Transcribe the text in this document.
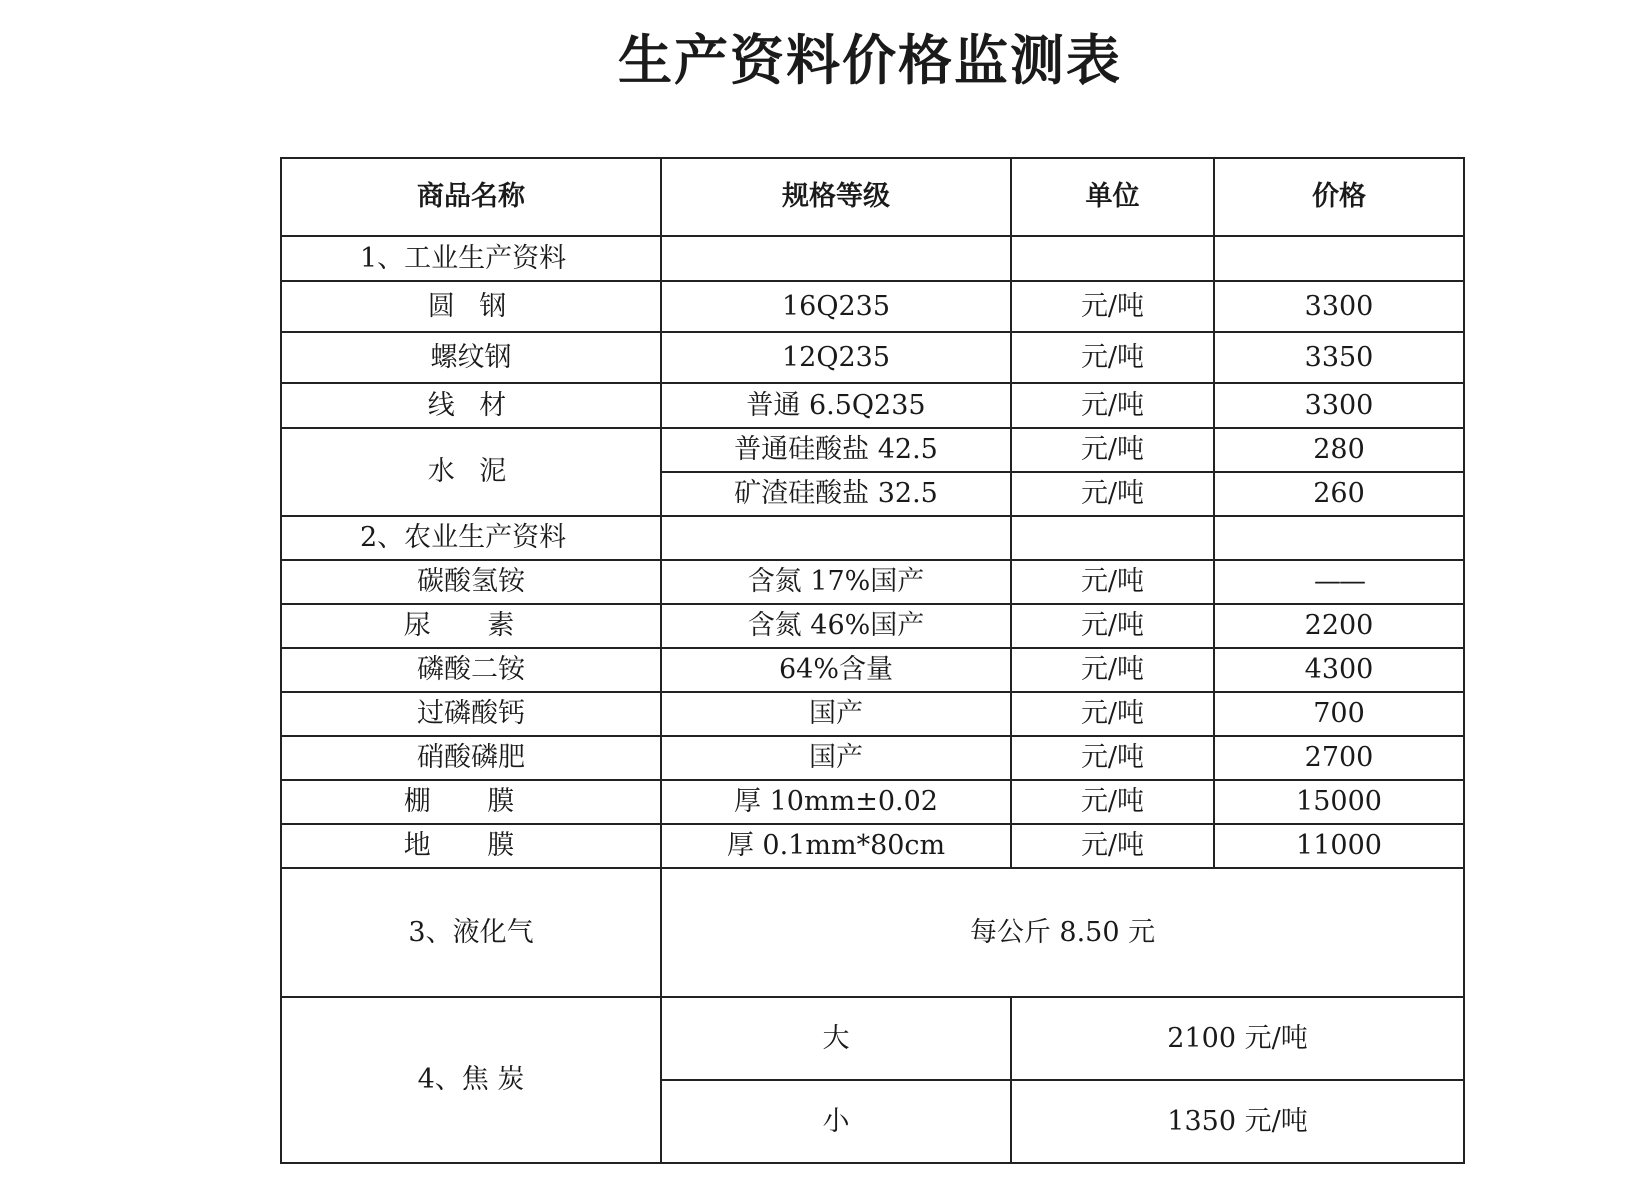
生产资料价格监测表
商品名称	规格等级	单位	价格
1、工业生产资料			
圆 钢	16Q235	元/吨	3300
螺纹钢	12Q235	元/吨	3350
线 材	普通 6.5Q235	元/吨	3300
水 泥	普通硅酸盐 42.5	元/吨	280
	矿渣硅酸盐 32.5	元/吨	260
2、农业生产资料			
碳酸氢铵	含氮 17%国产	元/吨	——
尿 素	含氮 46%国产	元/吨	2200
磷酸二铵	64%含量	元/吨	4300
过磷酸钙	国产	元/吨	700
硝酸磷肥	国产	元/吨	2700
棚 膜	厚 10mm±0.02	元/吨	15000
地 膜	厚 0.1mm*80cm	元/吨	11000
3、液化气	每公斤 8.50 元		
4、焦 炭	大	2100 元/吨	
	小	1350 元/吨	
